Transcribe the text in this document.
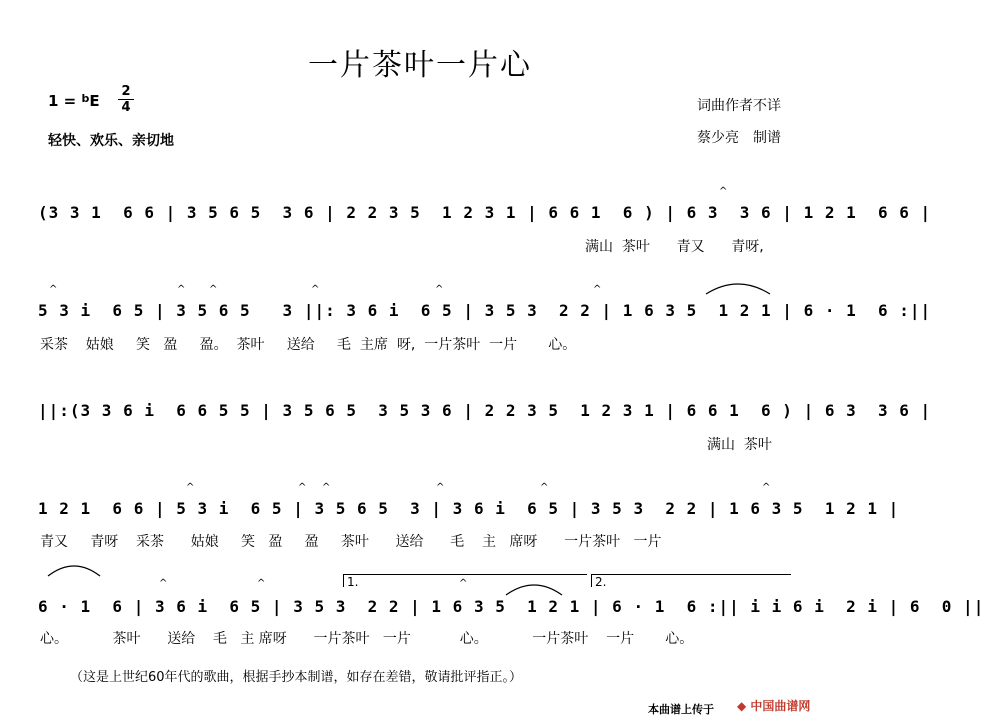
一片茶叶一片心
1 = $^b$E
2
4
轻快、欢乐、亲切地
词曲作者不详
蔡少亮　制谱
(3 3 1  6 6 | 3 5 6 5  3 6 | 2 2 3 5  1 2 3 1 | 6 6 1  6 ) | 6 3  3 6 | 1 2 1  6 6 |
满山  茶叶      青又      青呀,
5 3 i  6 5 | 3 5 6 5   3 ||: 3 6 i  6 5 | 3 5 3  2 2 | 1 6 3 5  1 2 1 | 6 · 1  6 :||
采茶    姑娘     笑   盈     盈。  茶叶     送给     毛  主席  呀,  一片茶叶  一片       心。
||:(3 3 6 i  6 6 5 5 | 3 5 6 5  3 5 3 6 | 2 2 3 5  1 2 3 1 | 6 6 1  6 ) | 6 3  3 6 |
满山  茶叶
1 2 1  6 6 | 5 3 i  6 5 | 3 5 6 5  3 | 3 6 i  6 5 | 3 5 3  2 2 | 1 6 3 5  1 2 1 |
青又     青呀    采茶      姑娘     笑   盈     盈     茶叶      送给      毛    主   席呀      一片茶叶   一片
1.	2.
6 · 1  6 | 3 6 i  6 5 | 3 5 3  2 2 | 1 6 3 5  1 2 1 | 6 · 1  6 :|| i i 6 i  2 i | 6  0 ||
心。          茶叶      送给    毛   主 席呀      一片茶叶   一片           心。          一片茶叶    一片       心。
^
^	^ ^	^	^	^
^	^ ^	^	^	^
^	^	^
（这是上世纪60年代的歌曲，根据手抄本制谱，如存在差错，敬请批评指正。）
本曲谱上传于 ◆ 中国曲谱网
